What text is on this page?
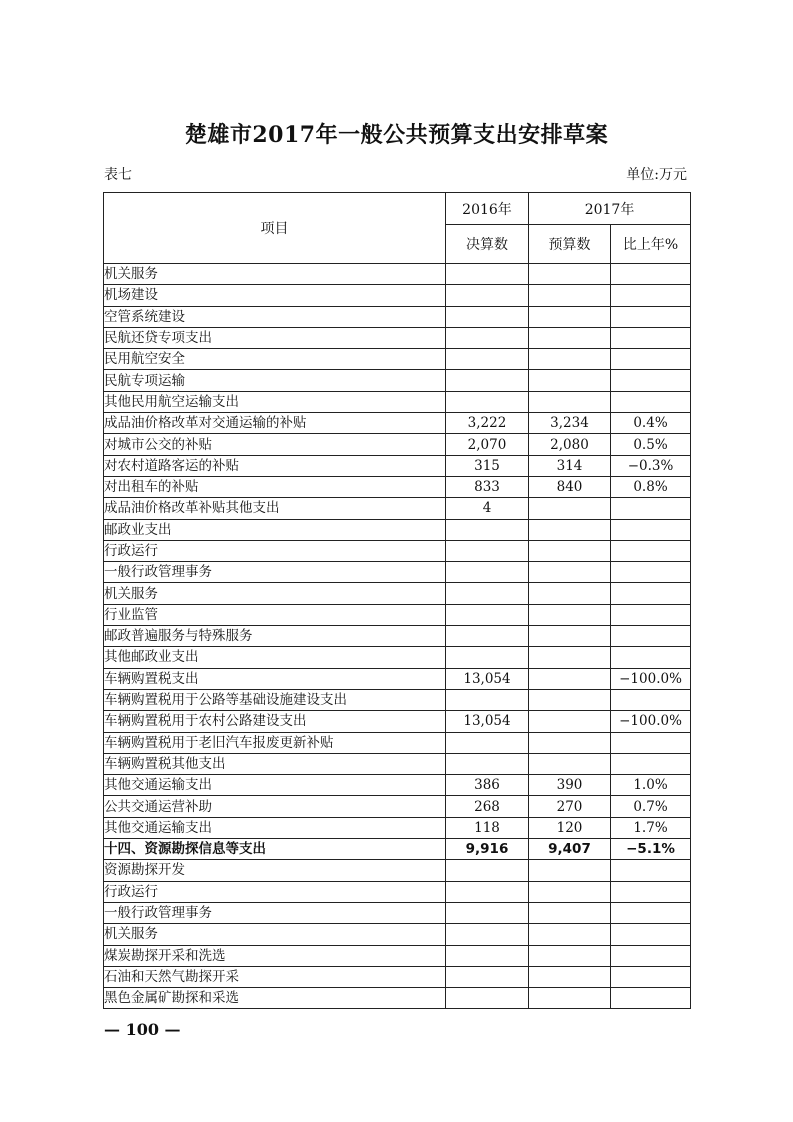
楚雄市2017年一般公共预算支出安排草案
表七	单位:万元
项目	2016年	2017年	
	决算数	预算数	比上年%
机关服务			
机场建设			
空管系统建设			
民航还贷专项支出			
民用航空安全			
民航专项运输			
其他民用航空运输支出			
成品油价格改革对交通运输的补贴	3,222	3,234	0.4%
对城市公交的补贴	2,070	2,080	0.5%
对农村道路客运的补贴	315	314	−0.3%
对出租车的补贴	833	840	0.8%
成品油价格改革补贴其他支出	4		
邮政业支出			
行政运行			
一般行政管理事务			
机关服务			
行业监管			
邮政普遍服务与特殊服务			
其他邮政业支出			
车辆购置税支出	13,054		−100.0%
车辆购置税用于公路等基础设施建设支出			
车辆购置税用于农村公路建设支出	13,054		−100.0%
车辆购置税用于老旧汽车报废更新补贴			
车辆购置税其他支出			
其他交通运输支出	386	390	1.0%
公共交通运营补助	268	270	0.7%
其他交通运输支出	118	120	1.7%
十四、资源勘探信息等支出	9,916	9,407	−5.1%
资源勘探开发			
行政运行			
一般行政管理事务			
机关服务			
煤炭勘探开采和洗选			
石油和天然气勘探开采			
黑色金属矿勘探和采选			
— 100 —
